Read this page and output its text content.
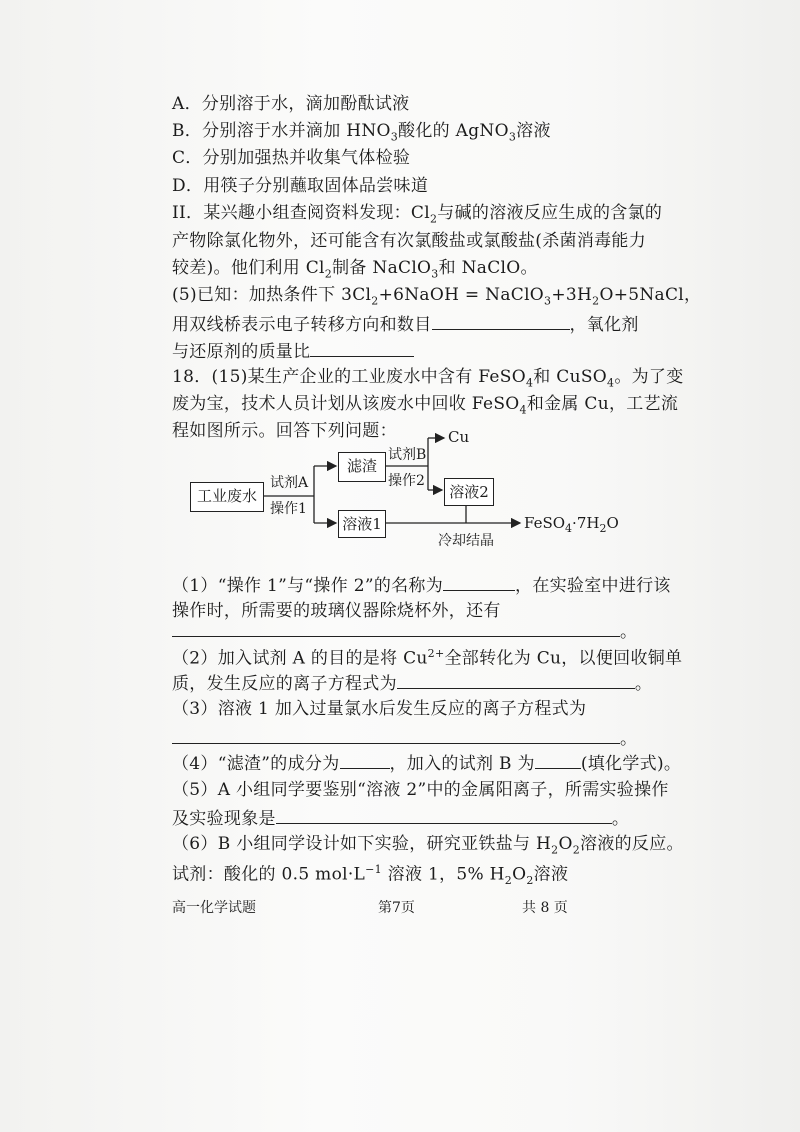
A．分别溶于水，滴加酚酞试液
B．分别溶于水并滴加 $HNO_3$酸化的 AgNO$_3$溶液
C．分别加强热并收集气体检验
D．用筷子分别蘸取固体品尝味道
II．某兴趣小组查阅资料发现：$Cl_2$与碱的溶液反应生成的含氯的
产物除氯化物外，还可能含有次氯酸盐或氯酸盐(杀菌消毒能力
较差)。他们利用 $Cl_2$制备 NaClO$_3$和 NaClO。
(5)已知：加热条件下 $3Cl_2+6NaOH$ = $NaClO_3+3H_2O+5NaCl$，
用双线桥表示电子转移方向和数目	，氧化剂
与还原剂的质量比
18．(15)某生产企业的工业废水中含有 FeSO$_4$和 CuSO$_4$。为了变
废为宝，技术人员计划从该废水中回收 FeSO$_4$和金属 Cu，工艺流
程如图所示。回答下列问题：
工业废水
试剂A
操作1
滤渣
溶液1
试剂B
操作2
Cu
溶液2
$FeSO_4\cdot 7H_2O$
冷却结晶
（1）“操作 1”与“操作 2”的名称为	，在实验室中进行该
操作时，所需要的玻璃仪器除烧杯外，还有
。
（2）加入试剂 A 的目的是将 $Cu^{2+}$全部转化为 Cu，以便回收铜单
质，发生反应的离子方程式为	。
（3）溶液 1 加入过量氯水后发生反应的离子方程式为
。
（4）“滤渣”的成分为	，加入的试剂 B 为	(填化学式)。
（5）A 小组同学要鉴别“溶液 2”中的金属阳离子，所需实验操作
及实验现象是	。
（6）B 小组同学设计如下实验，研究亚铁盐与 $H_2O_2$溶液的反应。
试剂：酸化的 0.5 $mol\cdot L^{-1}$ 溶液 1，5% $H_2O_2$溶液
高一化学试题	第7页	共 8 页
